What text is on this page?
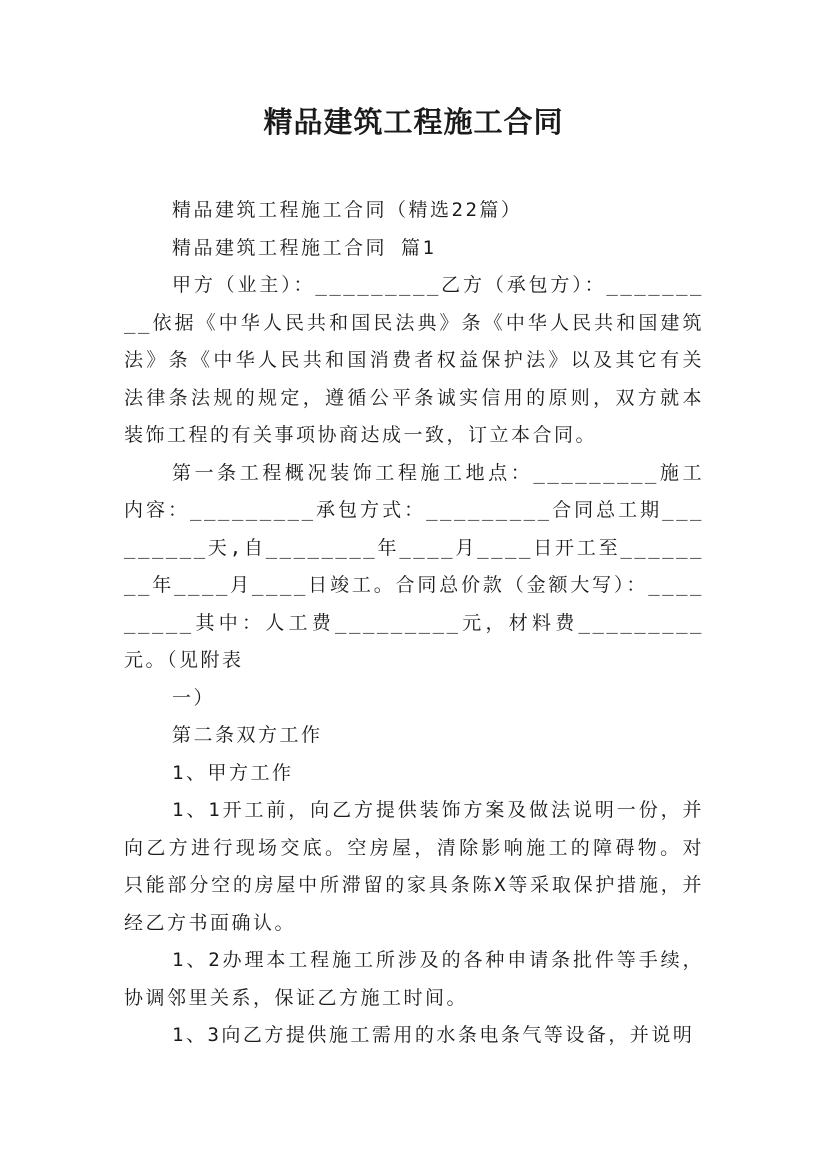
精品建筑工程施工合同

精品建筑工程施工合同（精选22篇）

精品建筑工程施工合同 篇1

甲方（业主）：_________乙方（承包方）：_________依据《中华人民共和国民法典》条《中华人民共和国建筑法》条《中华人民共和国消费者权益保护法》以及其它有关法律条法规的规定，遵循公平条诚实信用的原则，双方就本装饰工程的有关事项协商达成一致，订立本合同。

第一条工程概况装饰工程施工地点：_________施工内容：_________承包方式：_________合同总工期_________天,自________年____月____日开工至________年____月____日竣工。合同总价款（金额大写）：_________其中：人工费_________元，材料费_________元。（见附表

一）

第二条双方工作

1、甲方工作

1、1开工前，向乙方提供装饰方案及做法说明一份，并向乙方进行现场交底。空房屋，清除影响施工的障碍物。对只能部分空的房屋中所滞留的家具条陈X等采取保护措施，并经乙方书面确认。

1、2办理本工程施工所涉及的各种申请条批件等手续，协调邻里关系，保证乙方施工时间。

1、3向乙方提供施工需用的水条电条气等设备，并说明
